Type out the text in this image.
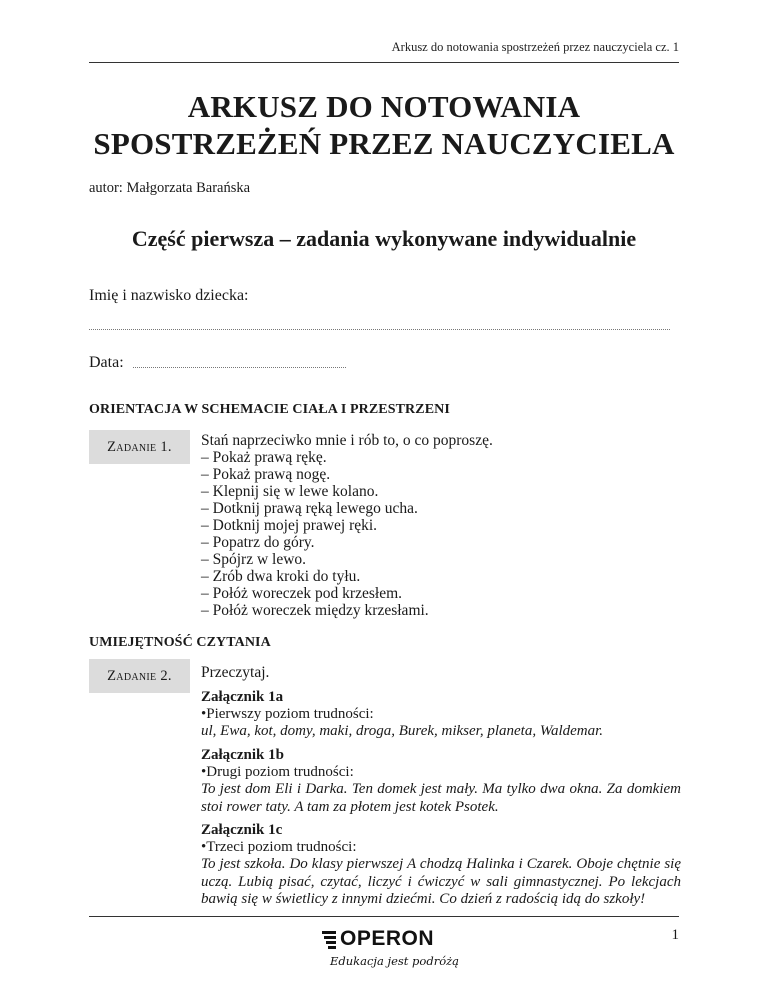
Arkusz do notowania spostrzeżeń przez nauczyciela cz. 1
ARKUSZ DO NOTOWANIA
SPOSTRZEŻEŃ PRZEZ NAUCZYCIELA
autor: Małgorzata Barańska
Część pierwsza – zadania wykonywane indywidualnie
Imię i nazwisko dziecka:
Data:
ORIENTACJA W SCHEMACIE CIAŁA I PRZESTRZENI
Z adanie
1. Stań naprzeciwko mnie i rób to, o co poproszę.
– Pokaż prawą rękę.
– Pokaż prawą nogę.
– Klepnij się w lewe kolano.
– Dotknij prawą ręką lewego ucha.
– Dotknij mojej prawej ręki.
– Popatrz do góry.
– Spójrz w lewo.
– Zrób dwa kroki do tyłu.
– Połóż woreczek pod krzesłem.
– Połóż woreczek między krzesłami.
UMIEJĘTNOŚĆ CZYTANIA
Z adanie
2. Przeczytaj.
Załącznik 1a
•Pierwszy poziom trudności:
ul, Ewa, kot, domy, maki, droga, Burek, mikser, planeta, Waldemar.
Załącznik 1b
•Drugi poziom trudności:
To jest dom Eli i Darka. Ten domek jest mały. Ma tylko dwa okna. Za domkiem stoi rower taty. A tam za płotem jest kotek Psotek.
Załącznik 1c
•Trzeci poziom trudności:
To jest szkoła. Do klasy pierwszej A chodzą Halinka i Czarek. Oboje chętnie się uczą. Lubią pisać, czytać, liczyć i ćwiczyć w sali gimnastycznej. Po lekcjach bawią się w świetlicy z innymi dziećmi. Co dzień z radością idą do szkoły!
OPERON
Edukacja jest podróżą
1
